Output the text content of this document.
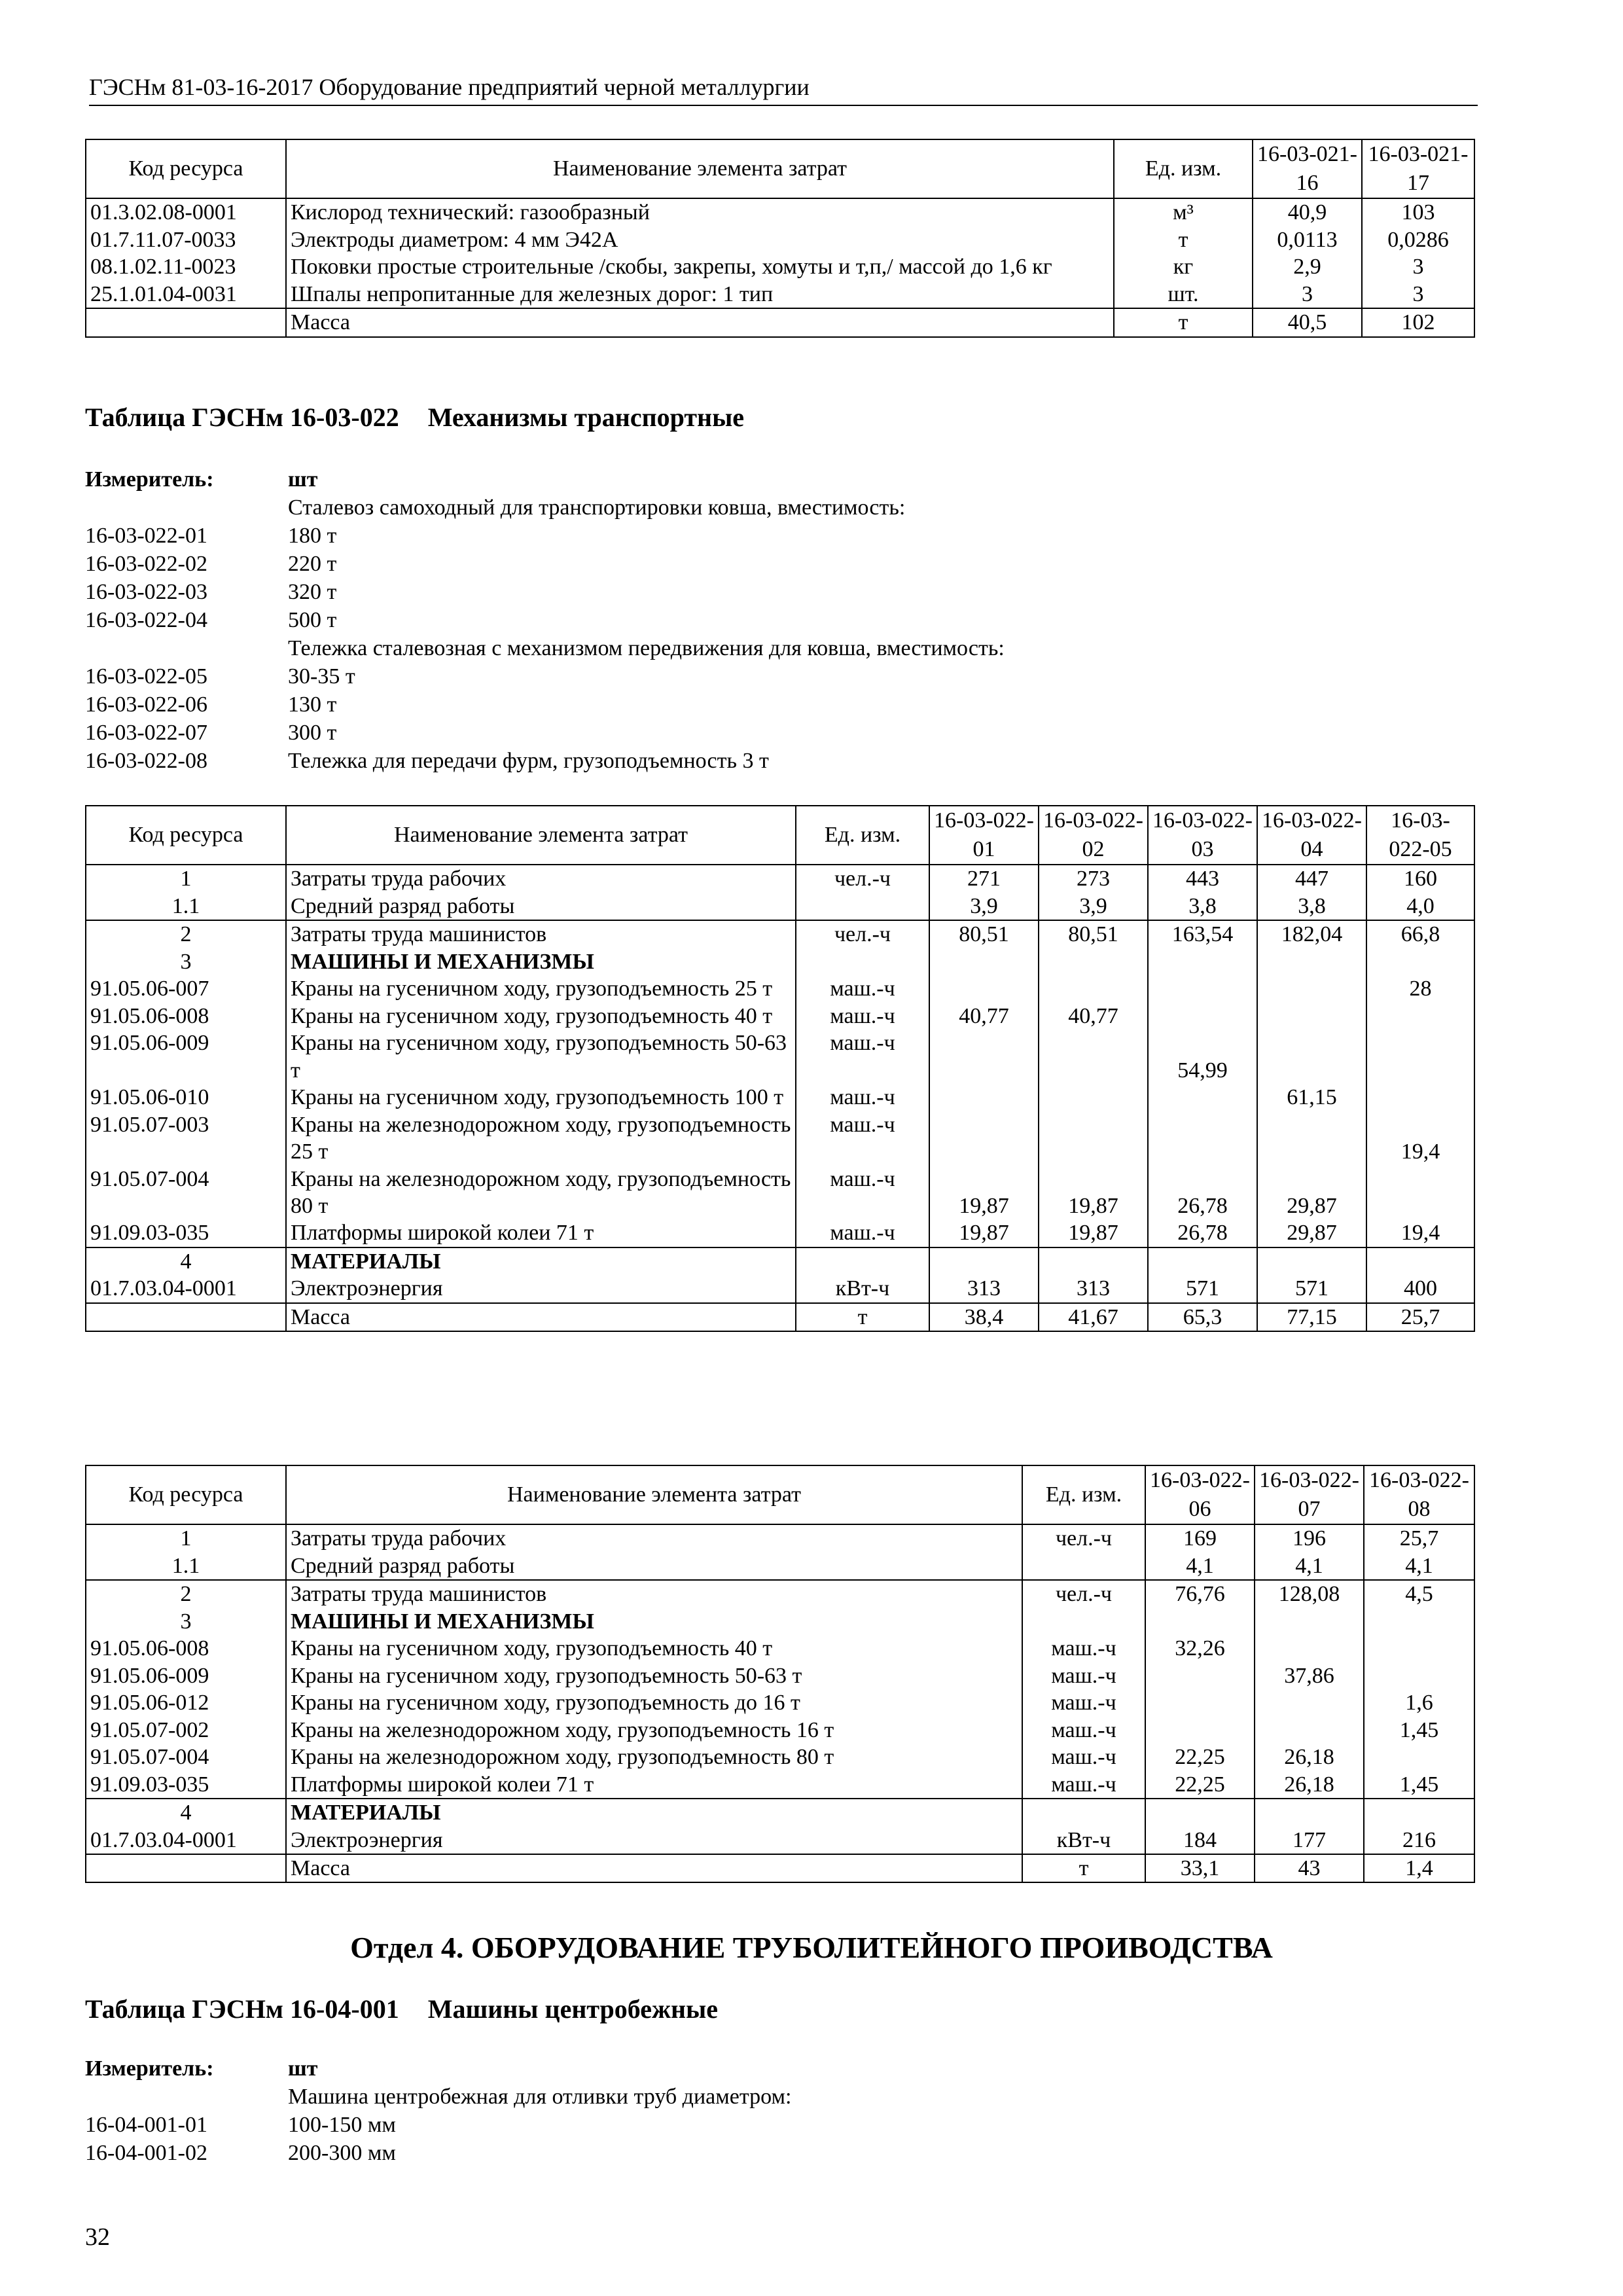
ГЭСНм 81-03-16-2017 Оборудование предприятий черной металлургии
Код ресурса	Наименование элемента затрат	Ед. изм.	16-03-021-16	16-03-021-17
01.3.02.08-0001	Кислород технический: газообразный	м³	40,9	103
01.7.11.07-0033	Электроды диаметром: 4 мм Э42А	т	0,0113	0,0286
08.1.02.11-0023	Поковки простые строительные /скобы, закрепы, хомуты и т,п,/ массой до 1,6 кг	кг	2,9	3
25.1.01.04-0031	Шпалы непропитанные для железных дорог: 1 тип	шт.	3	3
	Масса	т	40,5	102
Таблица ГЭСНм 16-03-022 Механизмы транспортные
Измеритель:	шт
Сталевоз самоходный для транспортировки ковша, вместимость:
16-03-022-01	180 т
16-03-022-02	220 т
16-03-022-03	320 т
16-03-022-04	500 т
Тележка сталевозная с механизмом передвижения для ковша, вместимость:
16-03-022-05	30-35 т
16-03-022-06	130 т
16-03-022-07	300 т
16-03-022-08	Тележка для передачи фурм, грузоподъемность 3 т
Код ресурса	Наименование элемента затрат	Ед. изм.	16-03-022-01	16-03-022-02	16-03-022-03	16-03-022-04	16-03-022-05
1	Затраты труда рабочих	чел.-ч	271	273	443	447	160
1.1	Средний разряд работы		3,9	3,9	3,8	3,8	4,0
2	Затраты труда машинистов	чел.-ч	80,51	80,51	163,54	182,04	66,8
3	МАШИНЫ И МЕХАНИЗМЫ						
91.05.06-007	Краны на гусеничном ходу, грузоподъемность 25 т	маш.-ч					28
91.05.06-008	Краны на гусеничном ходу, грузоподъемность 40 т	маш.-ч	40,77	40,77			
91.05.06-009	Краны на гусеничном ходу, грузоподъемность 50-63 т	маш.-ч			54,99		
91.05.06-010	Краны на гусеничном ходу, грузоподъемность 100 т	маш.-ч				61,15	
91.05.07-003	Краны на железнодорожном ходу, грузоподъемность 25 т	маш.-ч					19,4
91.05.07-004	Краны на железнодорожном ходу, грузоподъемность 80 т	маш.-ч	19,87	19,87	26,78	29,87	
91.09.03-035	Платформы широкой колеи 71 т	маш.-ч	19,87	19,87	26,78	29,87	19,4
4	МАТЕРИАЛЫ						
01.7.03.04-0001	Электроэнергия	кВт-ч	313	313	571	571	400
	Масса	т	38,4	41,67	65,3	77,15	25,7
Код ресурса	Наименование элемента затрат	Ед. изм.	16-03-022-06	16-03-022-07	16-03-022-08
1	Затраты труда рабочих	чел.-ч	169	196	25,7
1.1	Средний разряд работы		4,1	4,1	4,1
2	Затраты труда машинистов	чел.-ч	76,76	128,08	4,5
3	МАШИНЫ И МЕХАНИЗМЫ				
91.05.06-008	Краны на гусеничном ходу, грузоподъемность 40 т	маш.-ч	32,26		
91.05.06-009	Краны на гусеничном ходу, грузоподъемность 50-63 т	маш.-ч		37,86	
91.05.06-012	Краны на гусеничном ходу, грузоподъемность до 16 т	маш.-ч			1,6
91.05.07-002	Краны на железнодорожном ходу, грузоподъемность 16 т	маш.-ч			1,45
91.05.07-004	Краны на железнодорожном ходу, грузоподъемность 80 т	маш.-ч	22,25	26,18	
91.09.03-035	Платформы широкой колеи 71 т	маш.-ч	22,25	26,18	1,45
4	МАТЕРИАЛЫ				
01.7.03.04-0001	Электроэнергия	кВт-ч	184	177	216
	Масса	т	33,1	43	1,4
Отдел 4. ОБОРУДОВАНИЕ ТРУБОЛИТЕЙНОГО ПРОИВОДСТВА
Таблица ГЭСНм 16-04-001 Машины центробежные
Измеритель:	шт
Машина центробежная для отливки труб диаметром:
16-04-001-01	100-150 мм
16-04-001-02	200-300 мм
32
